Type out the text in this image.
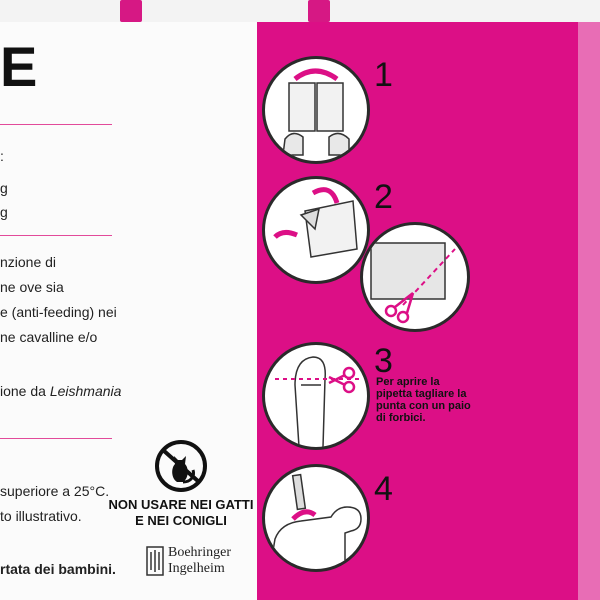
E
:
g
g
nzione di
ne ove sia
e (anti-feeding) nei
ne cavalline e/o
ione da Leishmania
superiore a 25°C.
to illustrativo.
rtata dei bambini.
NON USARE NEI GATTI
E NEI CONIGLI
Boehringer
Ingelheim
1
2
3
Per aprire la pipetta tagliare la punta con un paio di forbici.
4
